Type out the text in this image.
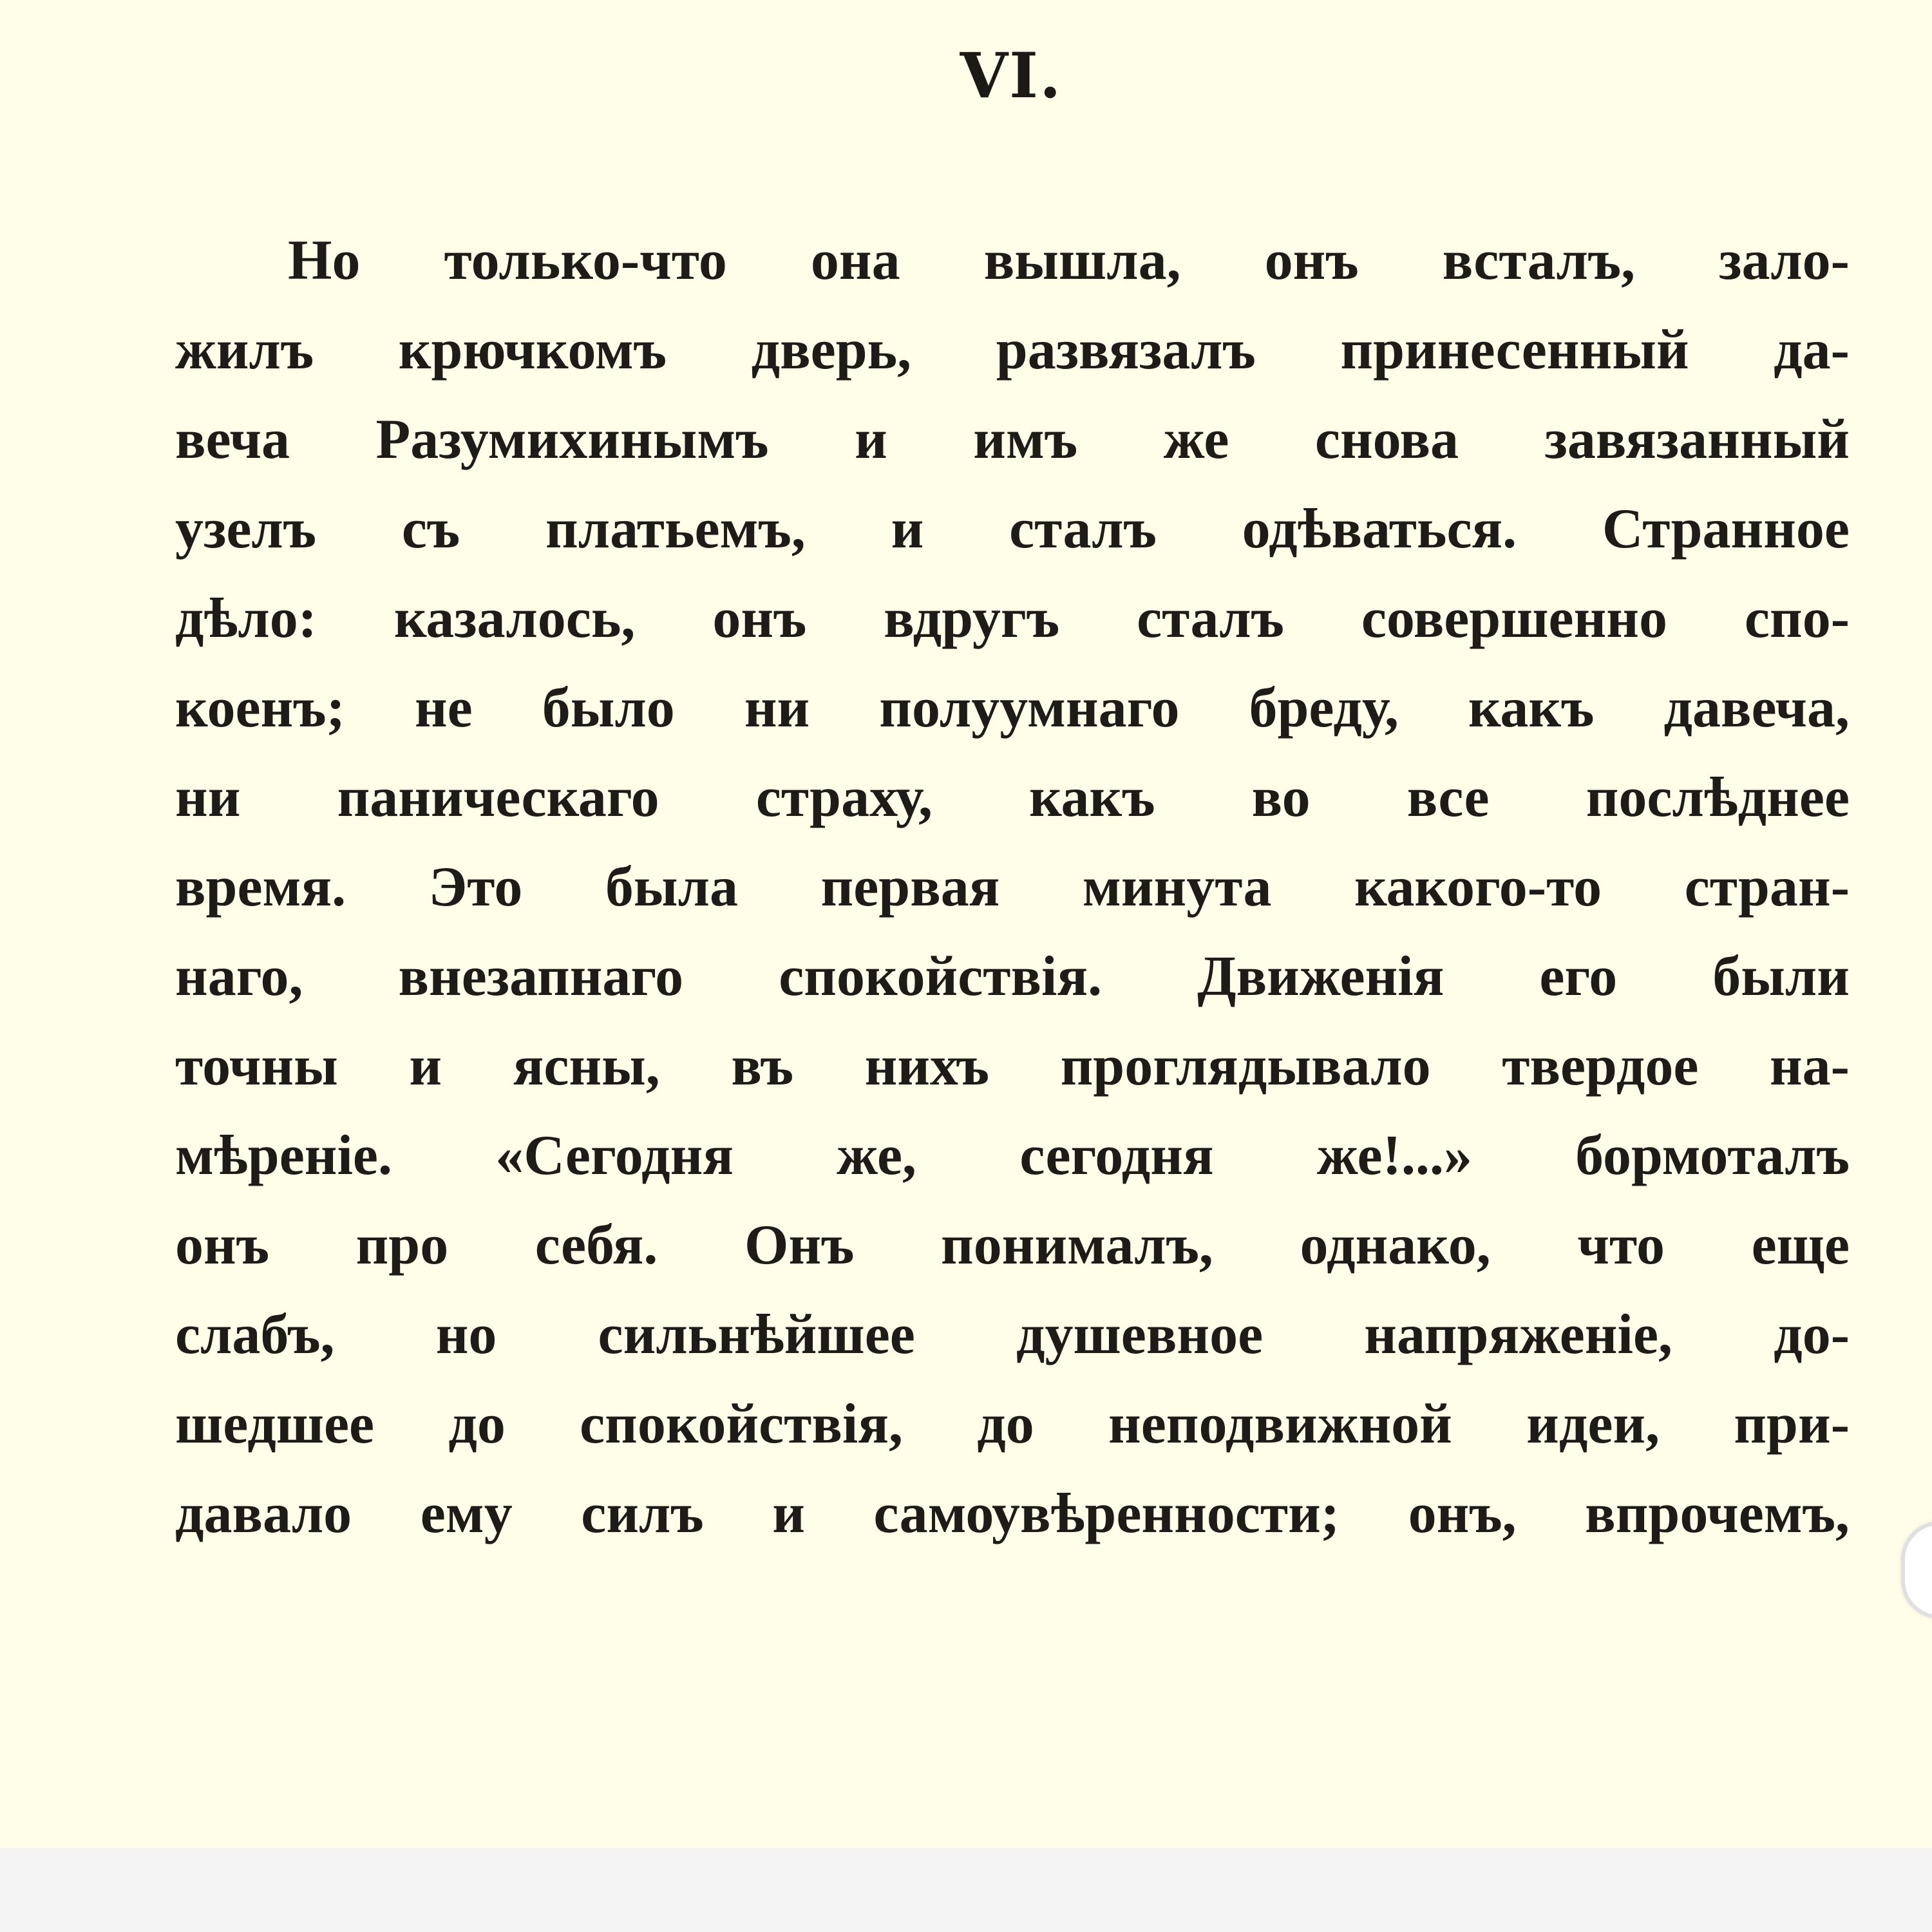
VI.
Но только-что она вышла, онъ всталъ, зало-
жилъ крючкомъ дверь, развязалъ принесенный да-
веча Разумихинымъ и имъ же снова завязанный
узелъ съ платьемъ, и сталъ одѣваться. Странное
дѣло: казалось, онъ вдругъ сталъ совершенно спо-
коенъ; не было ни полуумнаго бреду, какъ давеча,
ни паническаго страху, какъ во все послѣднее
время. Это была первая минута какого-то стран-
наго, внезапнаго спокойствія. Движенія его были
точны и ясны, въ нихъ проглядывало твердое на-
мѣреніе. «Сегодня же, сегодня же!...» бормоталъ
онъ про себя. Онъ понималъ, однако, что еще
слабъ, но сильнѣйшее душевное напряженіе, до-
шедшее до спокойствія, до неподвижной идеи, при-
давало ему силъ и самоувѣренности; онъ, впрочемъ,
